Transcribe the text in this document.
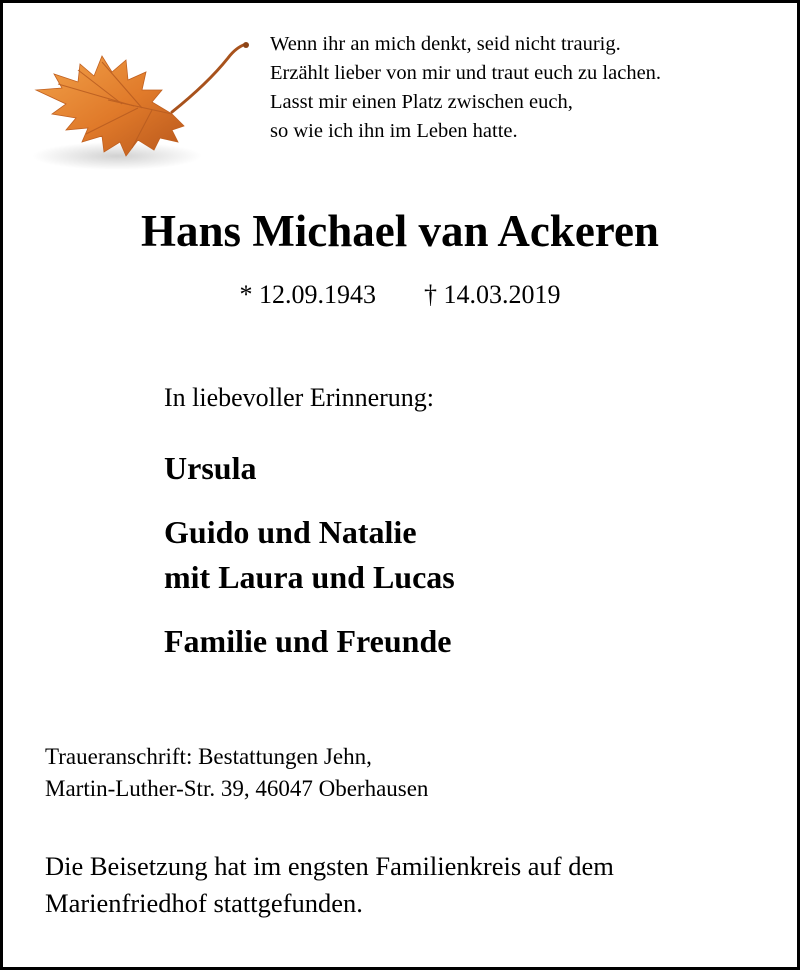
Wenn ihr an mich denkt, seid nicht traurig.
Erzählt lieber von mir und traut euch zu lachen.
Lasst mir einen Platz zwischen euch,
so wie ich ihn im Leben hatte.
Hans Michael van Ackeren
* 12.09.1943 † 14.03.2019
In liebevoller Erinnerung:
Ursula
Guido und Natalie
mit Laura und Lucas
Familie und Freunde
Traueranschrift: Bestattungen Jehn,
Martin-Luther-Str. 39, 46047 Oberhausen
Die Beisetzung hat im engsten Familienkreis auf dem
Marienfriedhof stattgefunden.
